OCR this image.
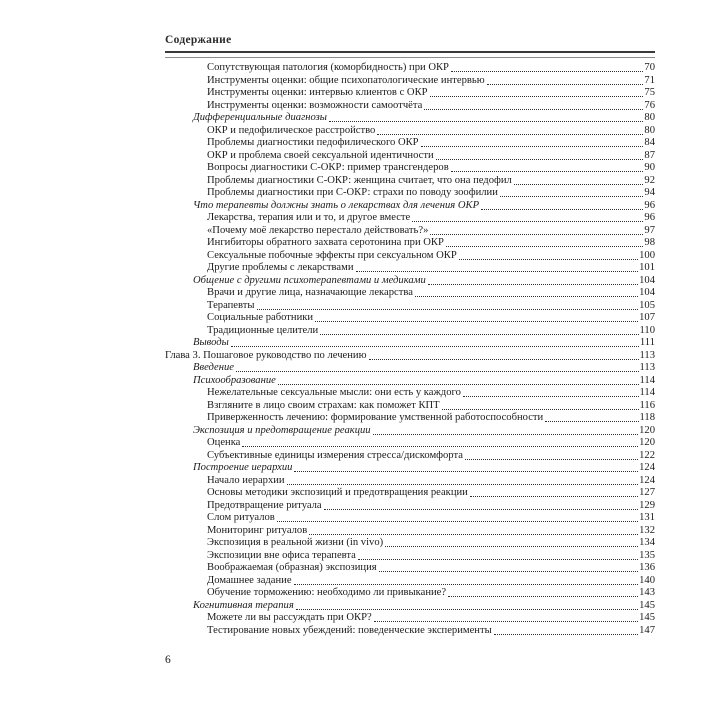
Содержание
Сопутствующая патология (коморбидность) при ОКР	70
Инструменты оценки: общие психопатологические интервью	71
Инструменты оценки: интервью клиентов с ОКР	75
Инструменты оценки: возможности самоотчёта	76
Дифференциальные диагнозы	80
ОКР и педофилическое расстройство	80
Проблемы диагностики педофилического ОКР	84
ОКР и проблема своей сексуальной идентичности	87
Вопросы диагностики С-ОКР: пример трансгендеров	90
Проблемы диагностики С-ОКР: женщина считает, что она педофил	92
Проблемы диагностики при С-ОКР: страхи по поводу зоофилии	94
Что терапевты должны знать о лекарствах для лечения ОКР	96
Лекарства, терапия или и то, и другое вместе	96
«Почему моё лекарство перестало действовать?»	97
Ингибиторы обратного захвата серотонина при ОКР	98
Сексуальные побочные эффекты при сексуальном ОКР	100
Другие проблемы с лекарствами	101
Общение с другими психотерапевтами и медиками	104
Врачи и другие лица, назначающие лекарства	104
Терапевты	105
Социальные работники	107
Традиционные целители	110
Выводы	111
Глава 3. Пошаговое руководство по лечению	113
Введение	113
Психообразование	114
Нежелательные сексуальные мысли: они есть у каждого	114
Взгляните в лицо своим страхам: как поможет КПТ	116
Приверженность лечению: формирование умственной работоспособности	118
Экспозиция и предотвращение реакции	120
Оценка	120
Субъективные единицы измерения стресса/дискомфорта	122
Построение иерархии	124
Начало иерархии	124
Основы методики экспозиций и предотвращения реакции	127
Предотвращение ритуала	129
Слом ритуалов	131
Мониторинг ритуалов	132
Экспозиция в реальной жизни (in vivo)	134
Экспозиции вне офиса терапевта	135
Воображаемая (образная) экспозиция	136
Домашнее задание	140
Обучение торможению: необходимо ли привыкание?	143
Когнитивная терапия	145
Можете ли вы рассуждать при ОКР?	145
Тестирование новых убеждений: поведенческие эксперименты	147
6
